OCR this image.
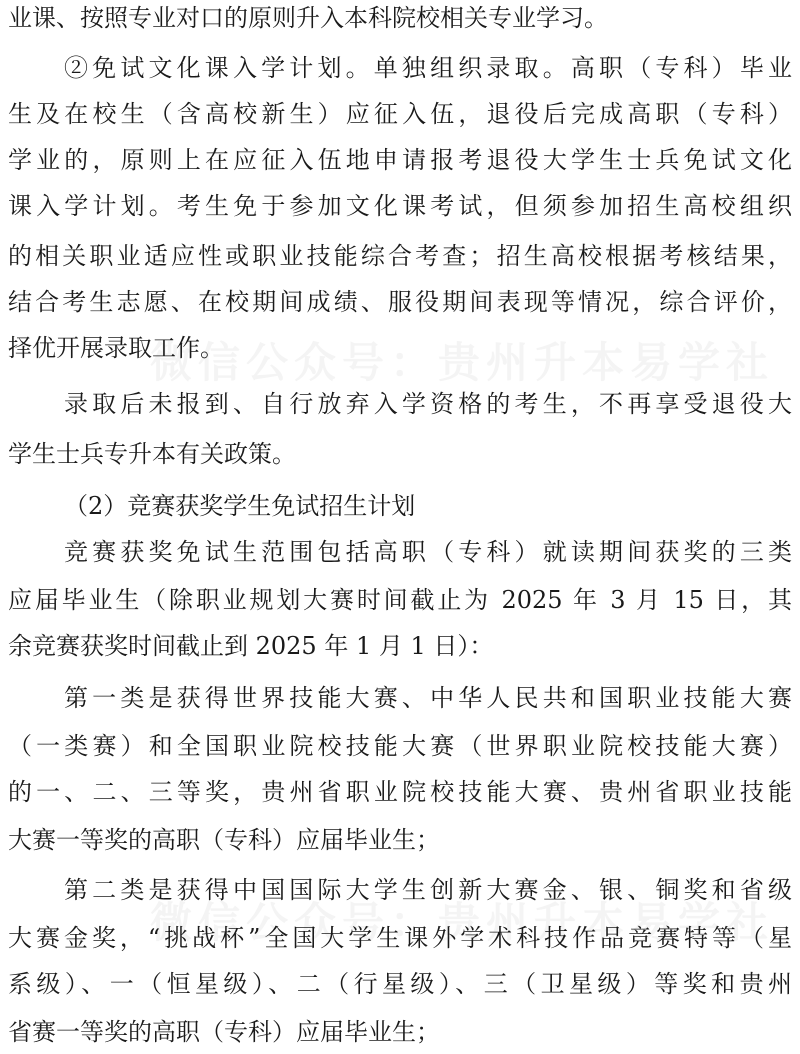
业课、按照专业对口的原则升入本科院校相关专业学习。
②免试文化课入学计划。单独组织录取。高职（专科）毕业
生及在校生（含高校新生）应征入伍，退役后完成高职（专科）
学业的，原则上在应征入伍地申请报考退役大学生士兵免试文化
课入学计划。考生免于参加文化课考试，但须参加招生高校组织
的相关职业适应性或职业技能综合考查；招生高校根据考核结果，
结合考生志愿、在校期间成绩、服役期间表现等情况，综合评价，
择优开展录取工作。
录取后未报到、自行放弃入学资格的考生，不再享受退役大
学生士兵专升本有关政策。
（2）竞赛获奖学生免试招生计划
竞赛获奖免试生范围包括高职（专科）就读期间获奖的三类
应届毕业生（除职业规划大赛时间截止为 2025 年 3 月 15 日，其
余竞赛获奖时间截止到 2025 年 1 月 1 日）：
第一类是获得世界技能大赛、中华人民共和国职业技能大赛
（一类赛）和全国职业院校技能大赛（世界职业院校技能大赛）
的一、二、三等奖，贵州省职业院校技能大赛、贵州省职业技能
大赛一等奖的高职（专科）应届毕业生；
第二类是获得中国国际大学生创新大赛金、银、铜奖和省级
大赛金奖，“挑战杯”全国大学生课外学术科技作品竞赛特等（星
系级）、一（恒星级）、二（行星级）、三（卫星级）等奖和贵州
省赛一等奖的高职（专科）应届毕业生；
